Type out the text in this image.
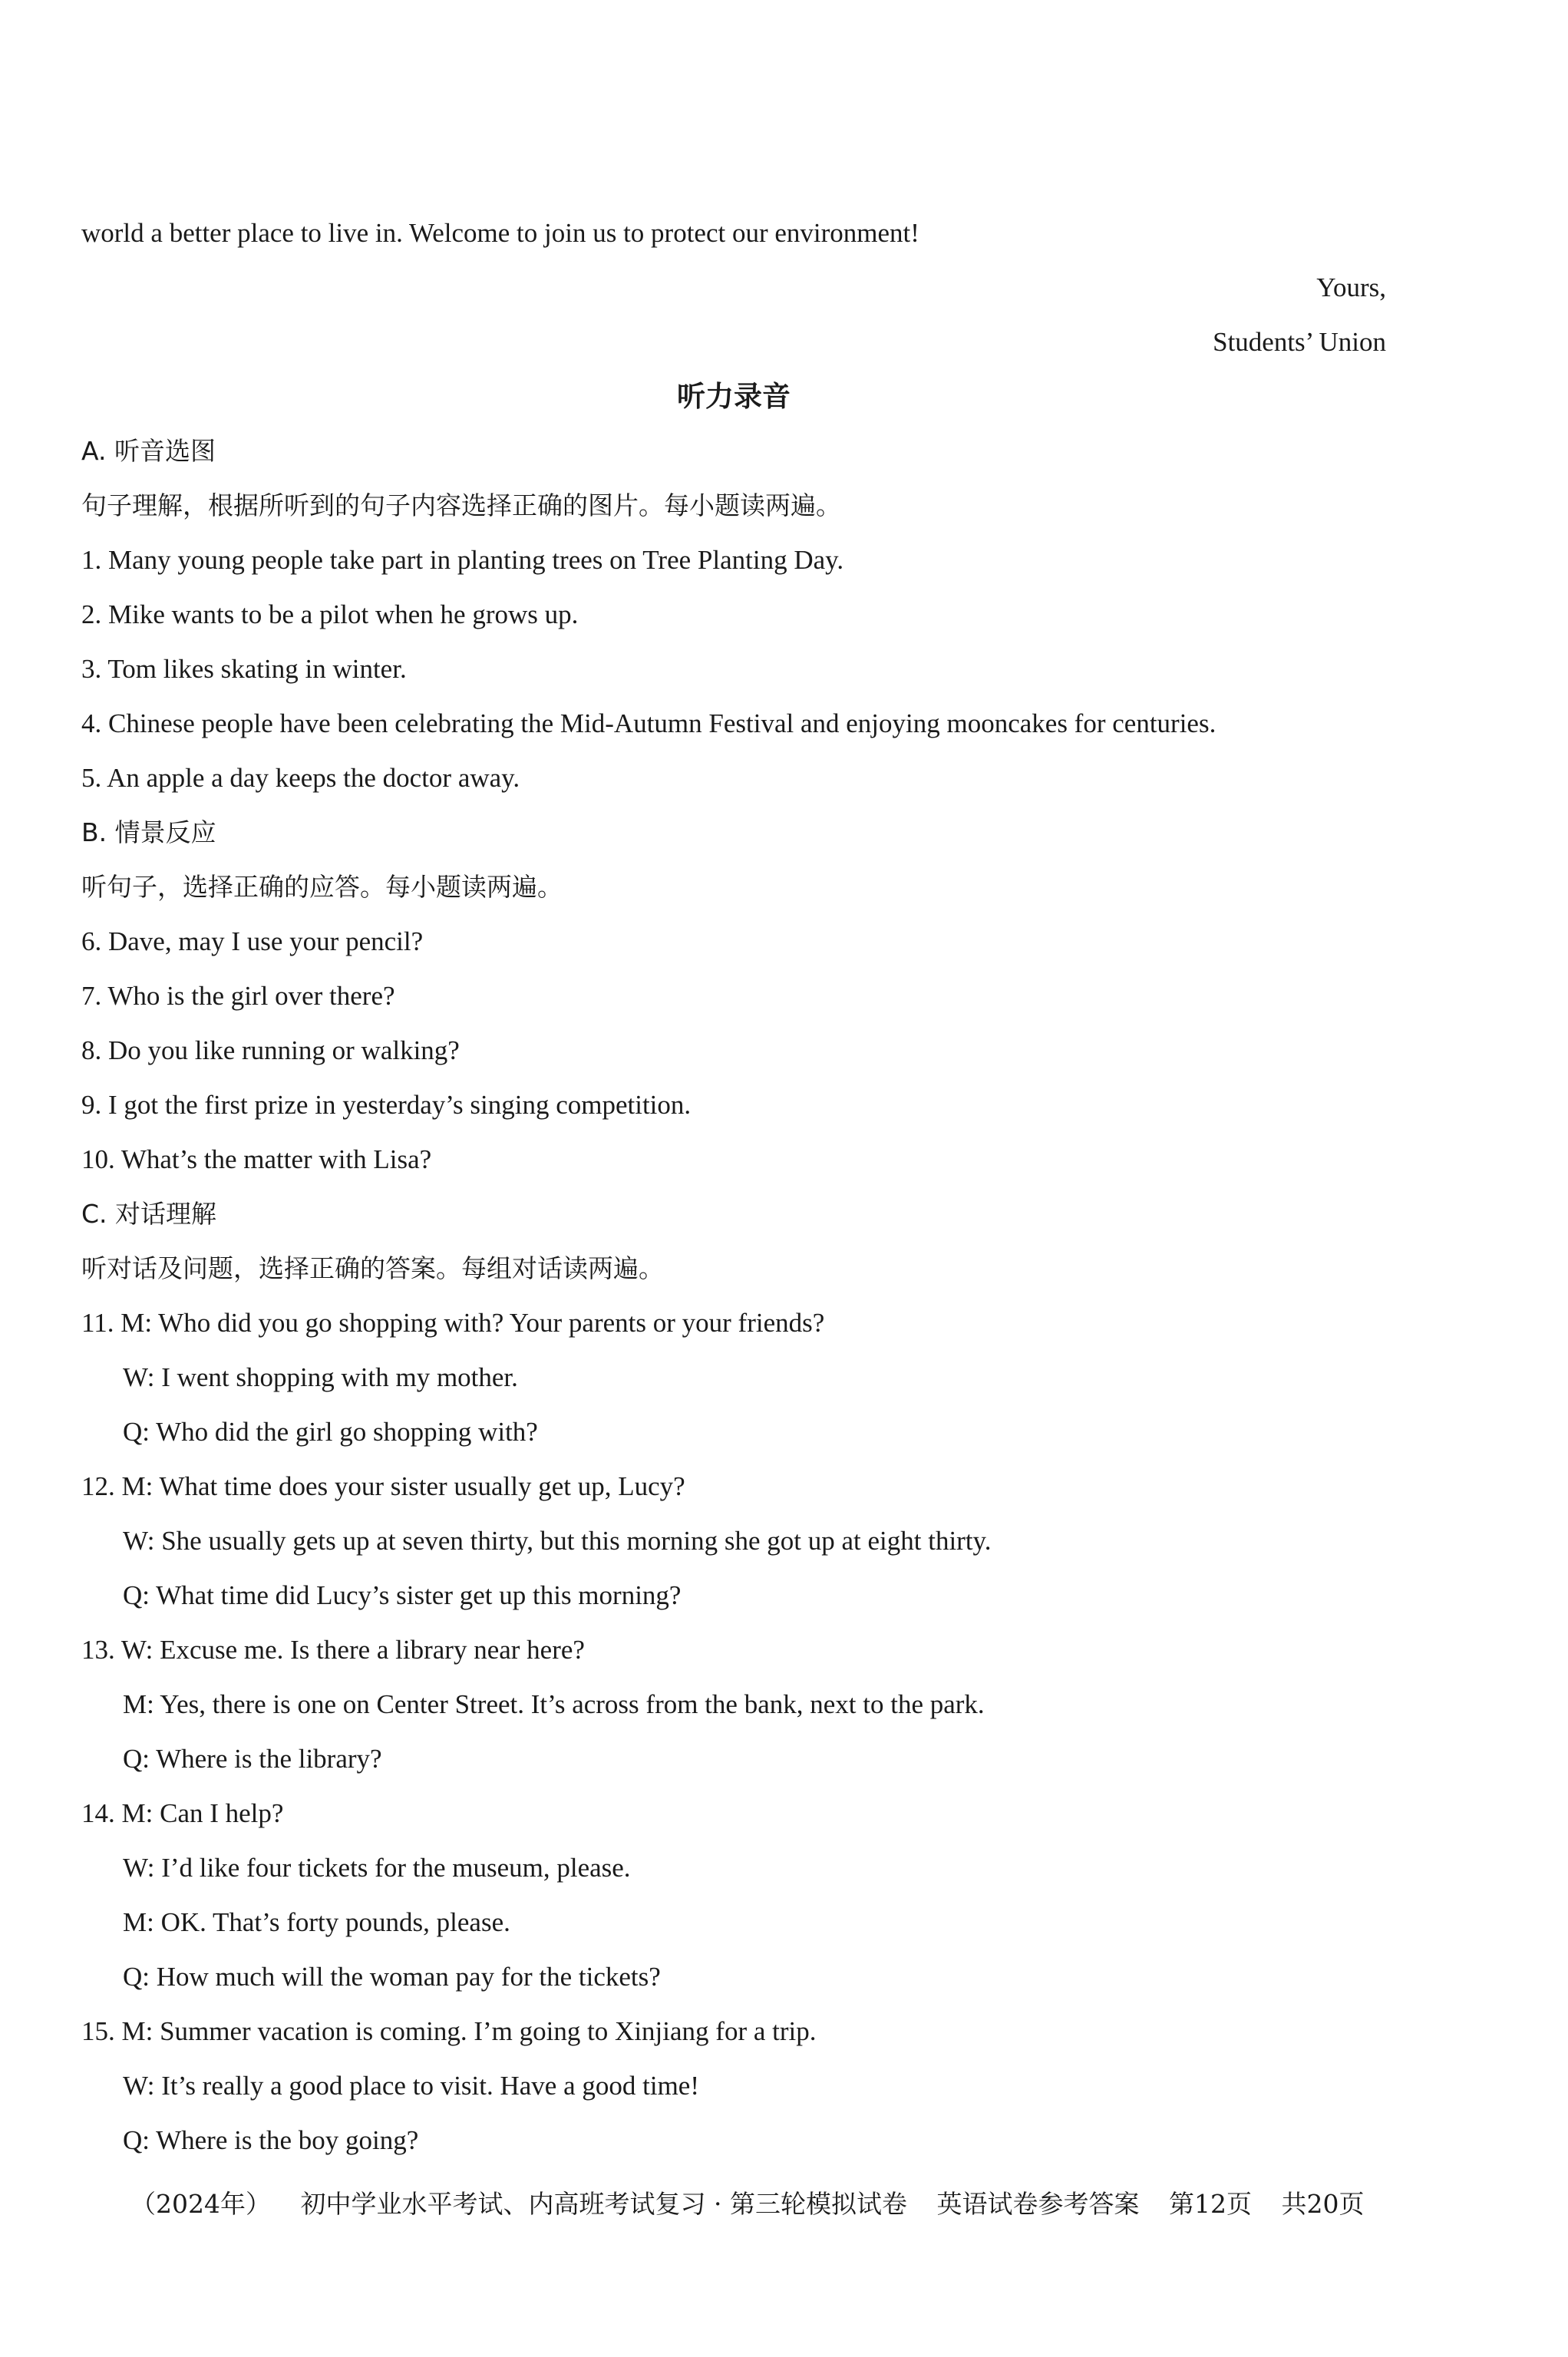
world a better place to live in. Welcome to join us to protect our environment!
Yours,
Students’ Union
听力录音
A. 听音选图
句子理解，根据所听到的句子内容选择正确的图片。每小题读两遍。
1. Many young people take part in planting trees on Tree Planting Day.
2. Mike wants to be a pilot when he grows up.
3. Tom likes skating in winter.
4. Chinese people have been celebrating the Mid-Autumn Festival and enjoying mooncakes for centuries.
5. An apple a day keeps the doctor away.
B. 情景反应
听句子，选择正确的应答。每小题读两遍。
6. Dave, may I use your pencil?
7. Who is the girl over there?
8. Do you like running or walking?
9. I got the first prize in yesterday’s singing competition.
10. What’s the matter with Lisa?
C. 对话理解
听对话及问题，选择正确的答案。每组对话读两遍。
11. M: Who did you go shopping with? Your parents or your friends?
W: I went shopping with my mother.
Q: Who did the girl go shopping with?
12. M: What time does your sister usually get up, Lucy?
W: She usually gets up at seven thirty, but this morning she got up at eight thirty.
Q: What time did Lucy’s sister get up this morning?
13. W: Excuse me. Is there a library near here?
M: Yes, there is one on Center Street. It’s across from the bank, next to the park.
Q: Where is the library?
14. M: Can I help?
W: I’d like four tickets for the museum, please.
M: OK. That’s forty pounds, please.
Q: How much will the woman pay for the tickets?
15. M: Summer vacation is coming. I’m going to Xinjiang for a trip.
W: It’s really a good place to visit. Have a good time!
Q: Where is the boy going?
（2024年） 初中学业水平考试、内高班考试复习 · 第三轮模拟试卷 英语试卷参考答案 第12页 共20页
